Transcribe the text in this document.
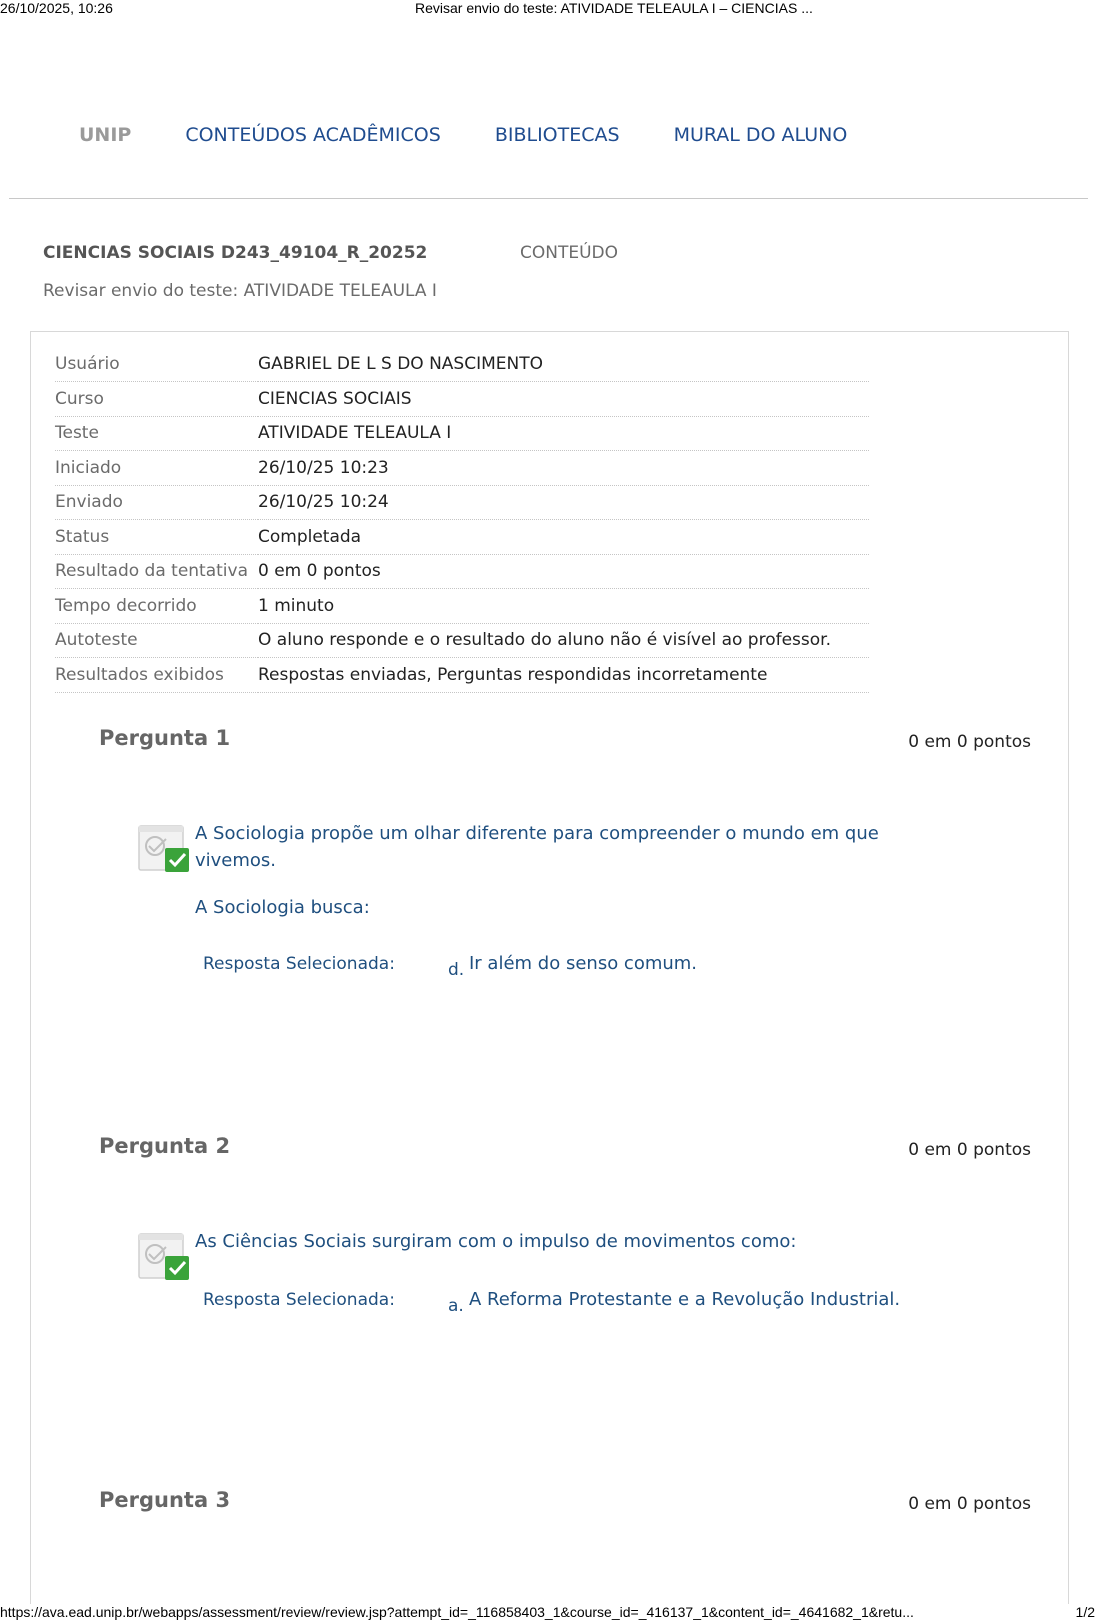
26/10/2025, 10:26	Revisar envio do teste: ATIVIDADE TELEAULA I – CIENCIAS ...
UNIP	CONTEÚDOS ACADÊMICOS	BIBLIOTECAS	MURAL DO ALUNO
CIENCIAS SOCIAIS D243_49104_R_20252	CONTEÚDO
Revisar envio do teste: ATIVIDADE TELEAULA I
Usuário	GABRIEL DE L S DO NASCIMENTO
Curso	CIENCIAS SOCIAIS
Teste	ATIVIDADE TELEAULA I
Iniciado	26/10/25 10:23
Enviado	26/10/25 10:24
Status	Completada
Resultado da tentativa	0 em 0 pontos
Tempo decorrido	1 minuto
Autoteste	O aluno responde e o resultado do aluno não é visível ao professor.
Resultados exibidos	Respostas enviadas, Perguntas respondidas incorretamente
Pergunta 1	0 em 0 pontos
A Sociologia propõe um olhar diferente para compreender o mundo em que vivemos.
A Sociologia busca:
Resposta Selecionada:	d. Ir além do senso comum.
Pergunta 2	0 em 0 pontos
As Ciências Sociais surgiram com o impulso de movimentos como:
Resposta Selecionada:	a. A Reforma Protestante e a Revolução Industrial.
Pergunta 3	0 em 0 pontos
https://ava.ead.unip.br/webapps/assessment/review/review.jsp?attempt_id=_116858403_1&course_id=_416137_1&content_id=_4641682_1&retu...	1/2
